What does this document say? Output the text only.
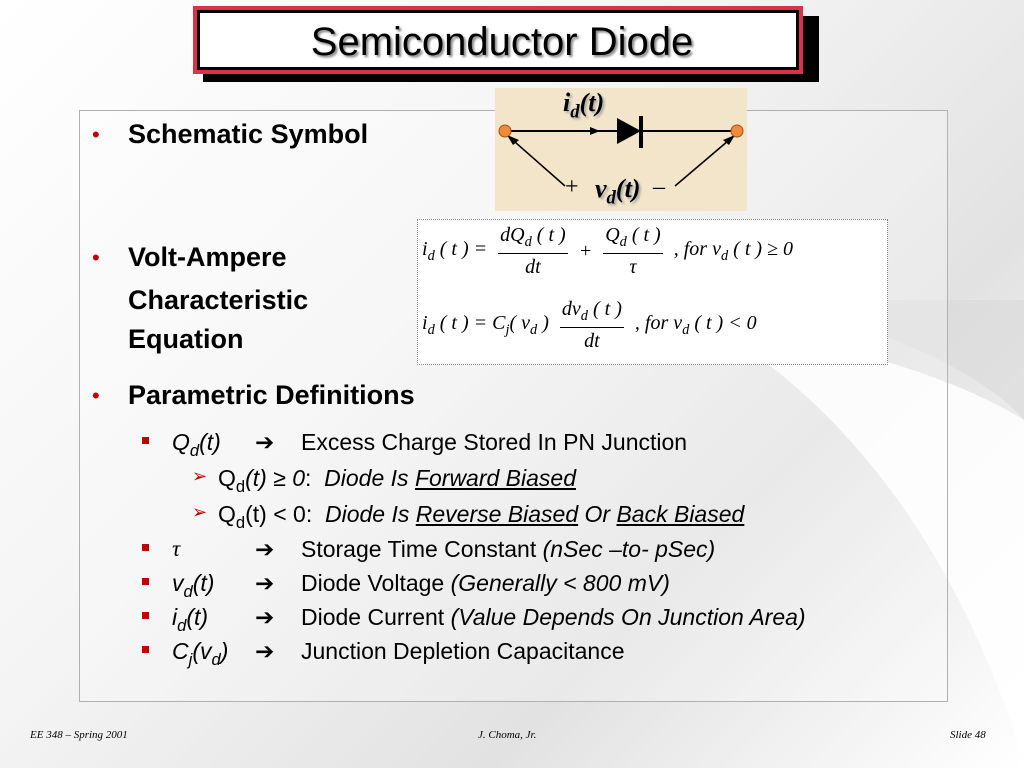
Semiconductor Diode
• Schematic Symbol
• Volt-Ampere
Characteristic
Equation
• Parametric Definitions
$i_d(t)$
+ $v_d(t)$ –
$i_d$ ( t ) = $\frac{dQ_d ( t )}{dt} + \frac{Q_d ( t )}{\tau}$ , for $v_d$ ( t ) ≥ 0
$i_d$ ( t ) = $C_j$( $v_d$ ) $\frac{dv_d ( t )}{dt}$ , for $v_d$ ( t ) < 0
$Q_d(t)$ ➔ Excess Charge Stored In PN Junction
➢ $Q_d(t) \ge 0$: Diode Is Forward Biased
➢ $Q_d(t) < 0$: Diode Is Reverse Biased Or Back Biased
τ	➔ Storage Time Constant (nSec –to- pSec)
$v_d(t)$ ➔ Diode Voltage (Generally < 800 mV)
$i_d(t)$ ➔ Diode Current (Value Depends On Junction Area)
$C_j(v_d)$ ➔ Junction Depletion Capacitance
EE 348 – Spring 2001	J. Choma, Jr.	Slide 48
